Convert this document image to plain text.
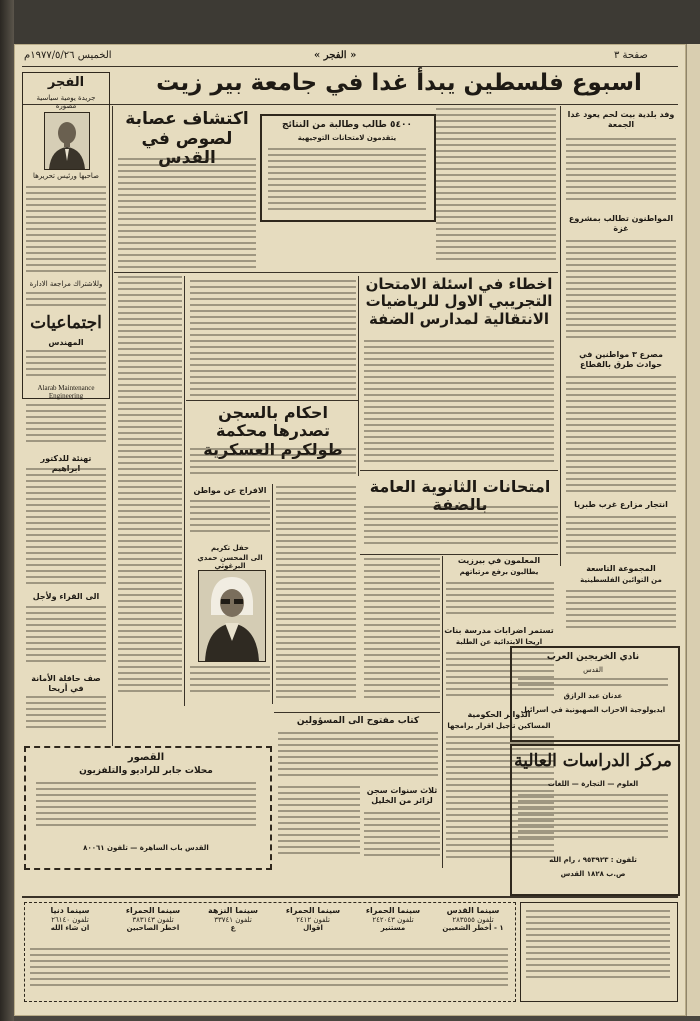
الخميس ١٩٧٧/٥/٢٦م	« الفجر »	صفحة ٣
اسبوع فلسطين يبدأ غدا في جامعة بير زيت
الفجر
جريدة يومية سياسية مصورة
صاحبها ورئيس تحريرها
وللاشتراك مراجعة الادارة
اجتماعيات
المهندس
Alarab Maintenance Engineering
تهنئة للدكتور ابراهيم
الى القراء ولأجل
صف حافلة الأمانة في أريحا
اكتشاف عصابة لصوص في القدس
٥٤٠٠ طالب وطالبة من النتائج
يتقدمون لامتحانات التوجيهية
وفد بلدية بيت لحم يعود غدا الجمعة
المواطنون تطالب بمشروع غزة
مصرع ٣ مواطنين في حوادث طرق بالقطاع
انتجار مزارع غرب طبريا
اخطاء في اسئلة الامتحان التجريبي الاول للرياضيات الانتقالية لمدارس الضفة
احكام بالسجن تصدرها محكمة طولكرم العسكرية
الافراج عن مواطن
حفل تكريم
الى المحسن حمدي البرغوثي
امتحانات الثانوية العامة بالضفة
المجموعة التاسعة
من التوائين الفلسطينية
المعلمون في بيرزيت
يطالبون برفع مرتباتهم
تستمر اضرابات مدرسة بنات
اريحا الابتدائية عن الطلبة
الدوائر الحكومية
المساكين تأجيل اقرار برامجها
كتاب مفتوح الى المسؤولين
ثلاث سنوات سجن لزائر من الخليل
نادي الخريجين العرب
القدس
عدنان عبد الرازق
ايديولوجية الاحزاب الصهيونية في اسرائيل
مركز الدراسات العالية
العلوم — التجارة — اللغات
تلفون : ٩٥٣٩٢٣ ، رام الله
ص.ب ١٨٢٨ القدس
القصور
محلات جابر للراديو والتلفزيون
القدس باب الساهرة — تلفون ٨٠٠٦١
سينما القدس
تلفون ٢٨٣٥٥٥
١ - أخطر الشعبين
سينما الحمراء
تلفون ٢٤٢٠٤٣
مستنير
سينما الحمراء
تلفون ٢٤١٢
اقوال
سينما النزهة
تلفون ٣٣٧٤١
ع
سينما الحمراء
تلفون ٣٨٣١٤٣
اخطر الصاحبين
سينما دنيا
تلفون ٢٦١٤٠
ان شاء الله
